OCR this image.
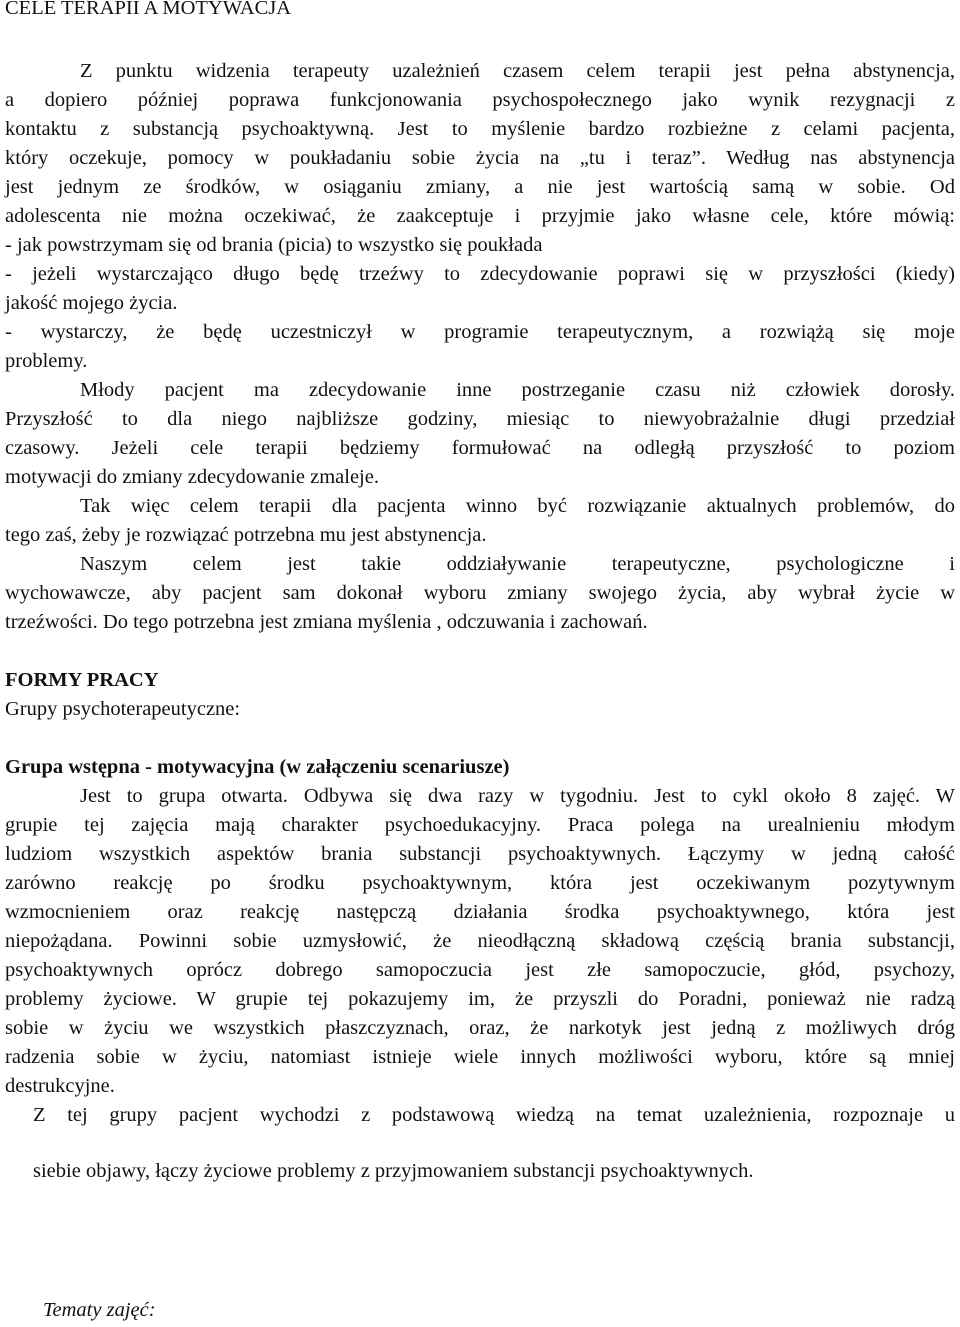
CELE TERAPII A MOTYWACJA
Z punktu widzenia terapeuty uzależnień czasem celem terapii jest pełna abstynencja,
a dopiero później poprawa funkcjonowania psychospołecznego jako wynik rezygnacji z
kontaktu z substancją psychoaktywną. Jest to myślenie bardzo rozbieżne z celami pacjenta,
który oczekuje, pomocy w poukładaniu sobie życia na „tu i teraz”. Według nas abstynencja
jest jednym ze środków, w osiąganiu zmiany, a nie jest wartością samą w sobie. Od
adolescenta nie można oczekiwać, że zaakceptuje i przyjmie jako własne cele, które mówią:
- jak powstrzymam się od brania (picia) to wszystko się poukłada
- jeżeli wystarczająco długo będę trzeźwy to zdecydowanie poprawi się w przyszłości (kiedy)
jakość mojego życia.
- wystarczy, że będę uczestniczył w programie terapeutycznym, a rozwiążą się moje
problemy.
Młody pacjent ma zdecydowanie inne postrzeganie czasu niż człowiek dorosły.
Przyszłość to dla niego najbliższe godziny, miesiąc to niewyobrażalnie długi przedział
czasowy. Jeżeli cele terapii będziemy formułować na odległą przyszłość to poziom
motywacji do zmiany zdecydowanie zmaleje.
Tak więc celem terapii dla pacjenta winno być rozwiązanie aktualnych problemów, do
tego zaś, żeby je rozwiązać potrzebna mu jest abstynencja.
Naszym celem jest takie oddziaływanie terapeutyczne, psychologiczne i
wychowawcze, aby pacjent sam dokonał wyboru zmiany swojego życia, aby wybrał życie w
trzeźwości. Do tego potrzebna jest zmiana myślenia , odczuwania i zachowań.
FORMY PRACY
Grupy psychoterapeutyczne:
Grupa wstępna - motywacyjna (w załączeniu scenariusze)
Jest to grupa otwarta. Odbywa się dwa razy w tygodniu. Jest to cykl około 8 zajęć. W
grupie tej zajęcia mają charakter psychoedukacyjny. Praca polega na urealnieniu młodym
ludziom wszystkich aspektów brania substancji psychoaktywnych. Łączymy w jedną całość
zarówno reakcję po środku psychoaktywnym, która jest oczekiwanym pozytywnym
wzmocnieniem oraz reakcję następczą działania środka psychoaktywnego, która jest
niepożądana. Powinni sobie uzmysłowić, że nieodłączną składową częścią brania substancji,
psychoaktywnych oprócz dobrego samopoczucia jest złe samopoczucie, głód, psychozy,
problemy życiowe. W grupie tej pokazujemy im, że przyszli do Poradni, ponieważ nie radzą
sobie w życiu we wszystkich płaszczyznach, oraz, że narkotyk jest jedną z możliwych dróg
radzenia sobie w życiu, natomiast istnieje wiele innych możliwości wyboru, które są mniej
destrukcyjne.
Z tej grupy pacjent wychodzi z podstawową wiedzą na temat uzależnienia, rozpoznaje u
siebie objawy, łączy życiowe problemy z przyjmowaniem substancji psychoaktywnych.
Tematy zajęć:
